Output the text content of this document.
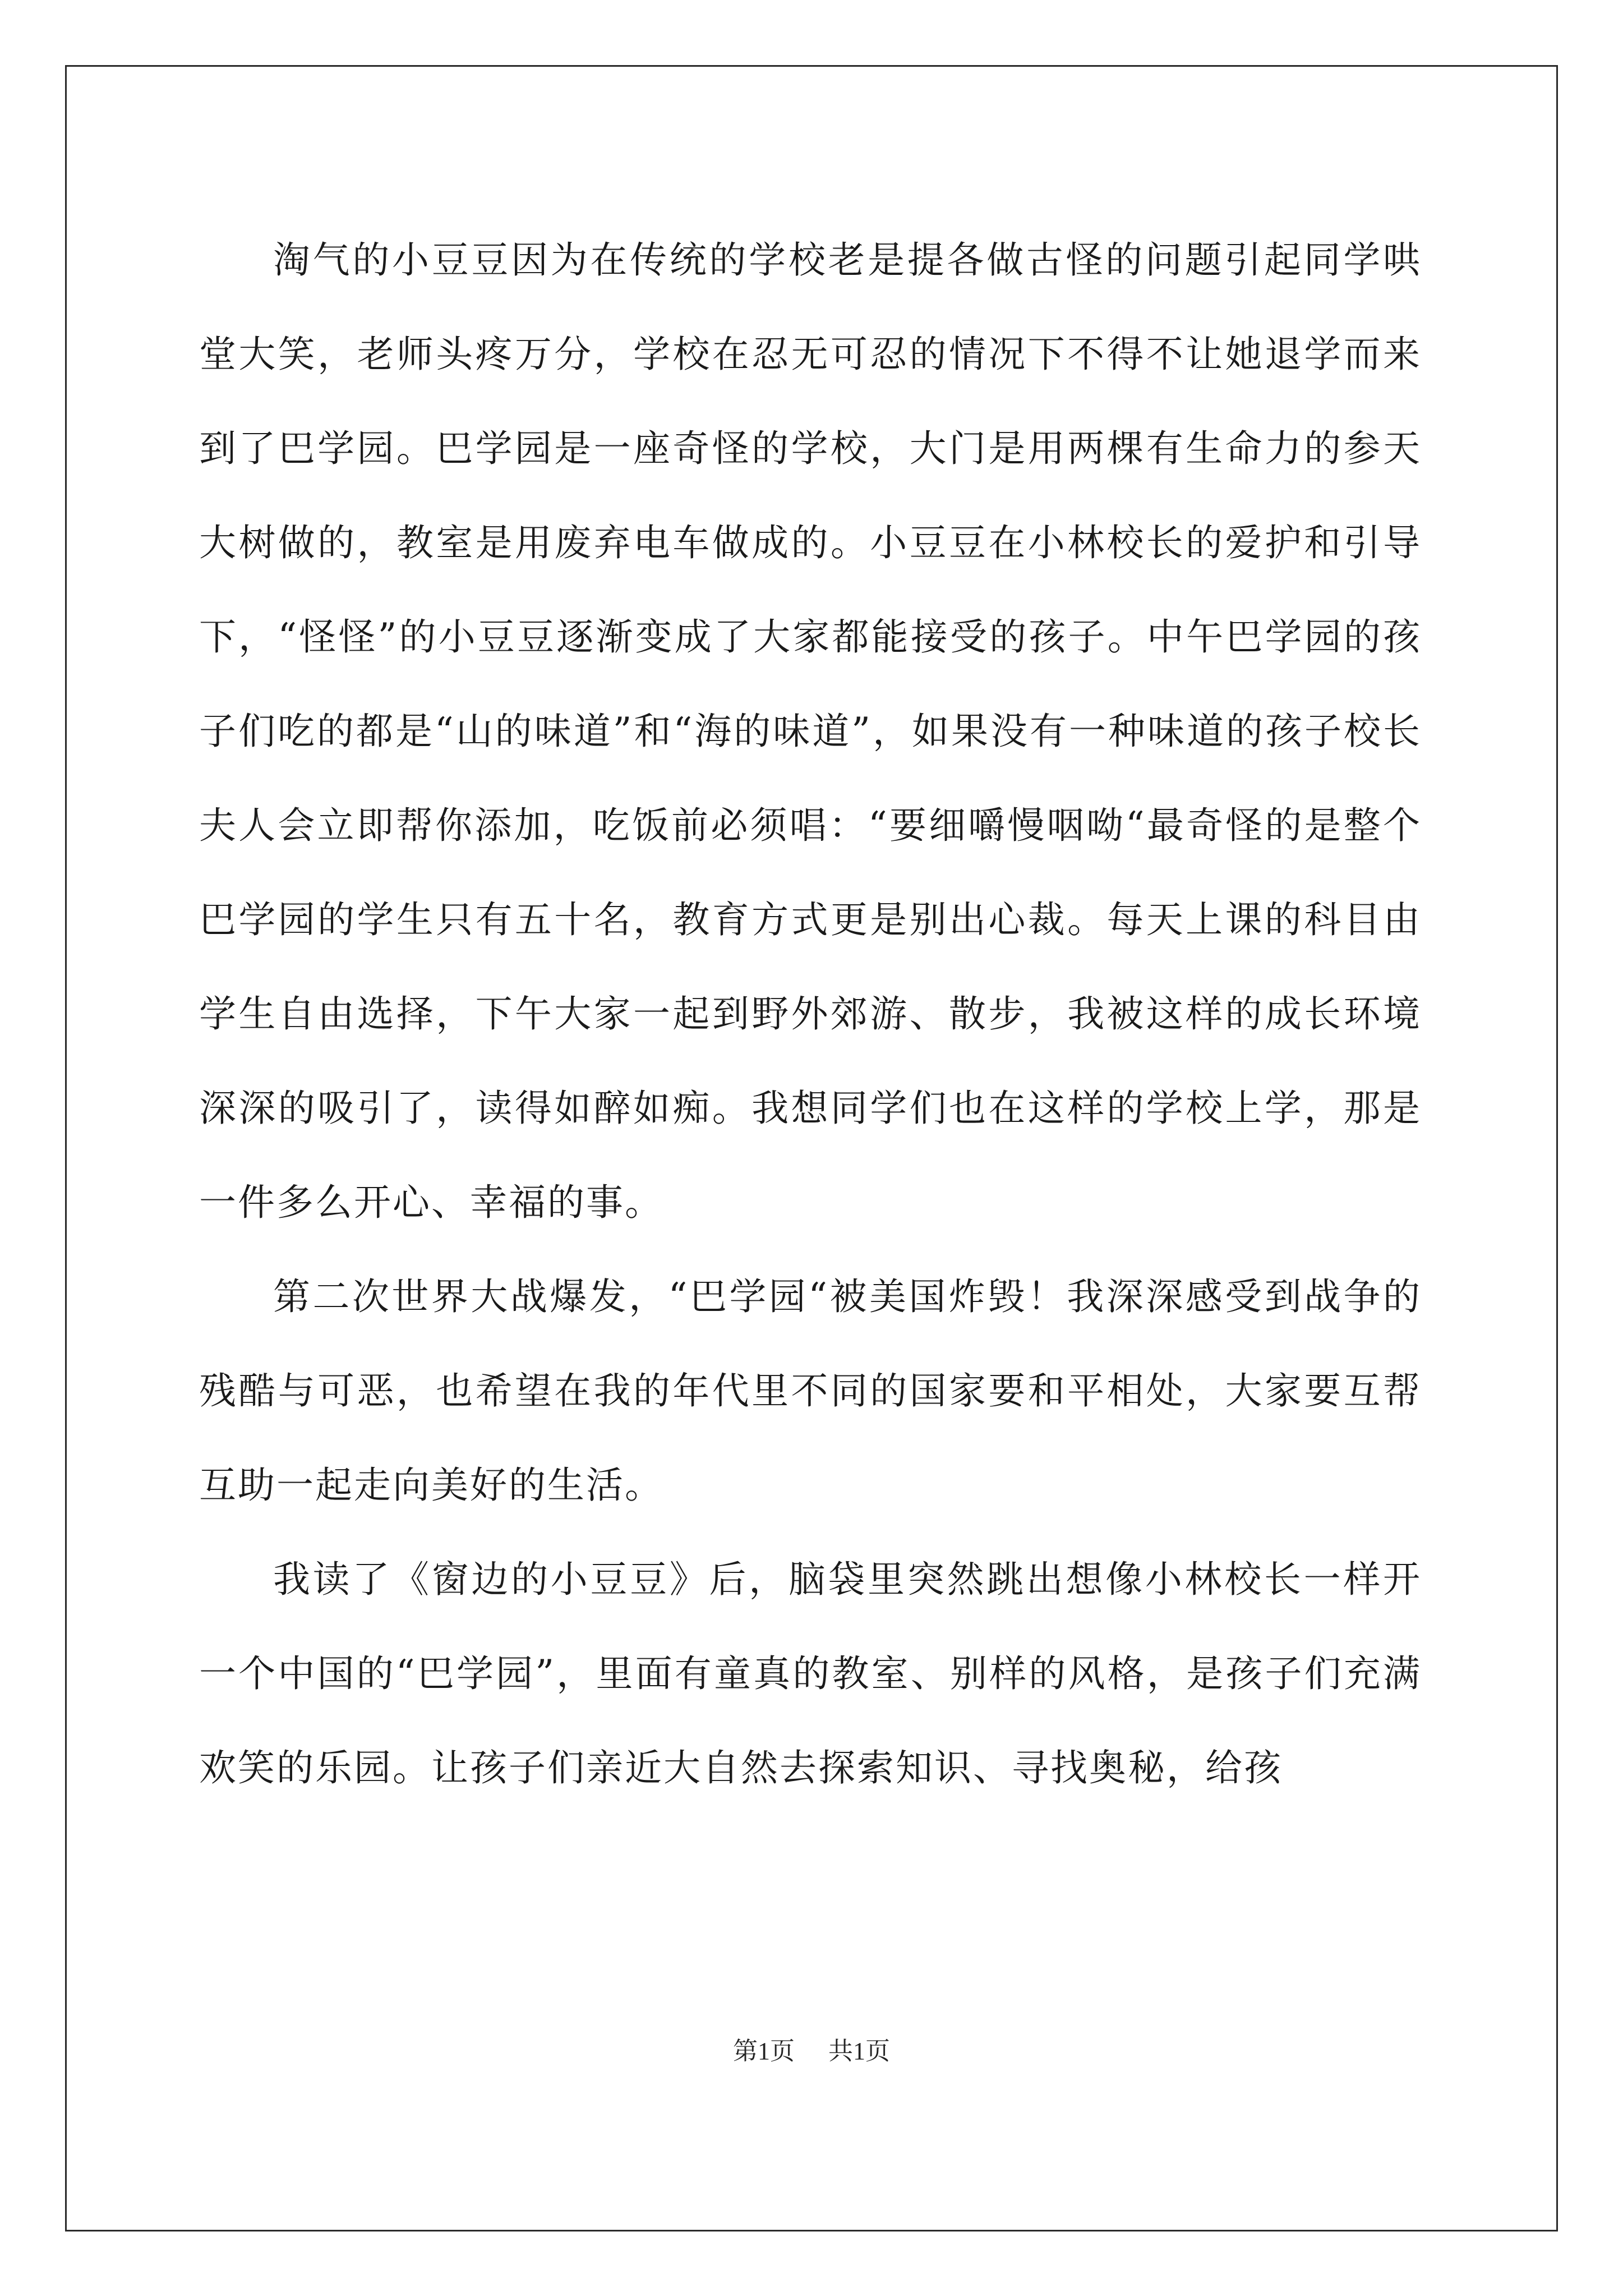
淘气的小豆豆因为在传统的学校老是提各做古怪的问题引起同学哄堂大笑，老师头疼万分，学校在忍无可忍的情况下不得不让她退学而来到了巴学园。巴学园是一座奇怪的学校，大门是用两棵有生命力的参天大树做的，教室是用废弃电车做成的。小豆豆在小林校长的爱护和引导下，“怪怪”的小豆豆逐渐变成了大家都能接受的孩子。中午巴学园的孩子们吃的都是“山的味道”和“海的味道”，如果没有一种味道的孩子校长夫人会立即帮你添加，吃饭前必须唱：“要细嚼慢咽呦“最奇怪的是整个巴学园的学生只有五十名，教育方式更是别出心裁。每天上课的科目由学生自由选择，下午大家一起到野外郊游、散步，我被这样的成长环境深深的吸引了，读得如醉如痴。我想同学们也在这样的学校上学，那是一件多么开心、幸福的事。

第二次世界大战爆发，“巴学园“被美国炸毁！我深深感受到战争的残酷与可恶，也希望在我的年代里不同的国家要和平相处，大家要互帮互助一起走向美好的生活。

我读了《窗边的小豆豆》后，脑袋里突然跳出想像小林校长一样开一个中国的“巴学园”，里面有童真的教室、别样的风格，是孩子们充满欢笑的乐园。让孩子们亲近大自然去探索知识、寻找奥秘，给孩

第1页 共1页
